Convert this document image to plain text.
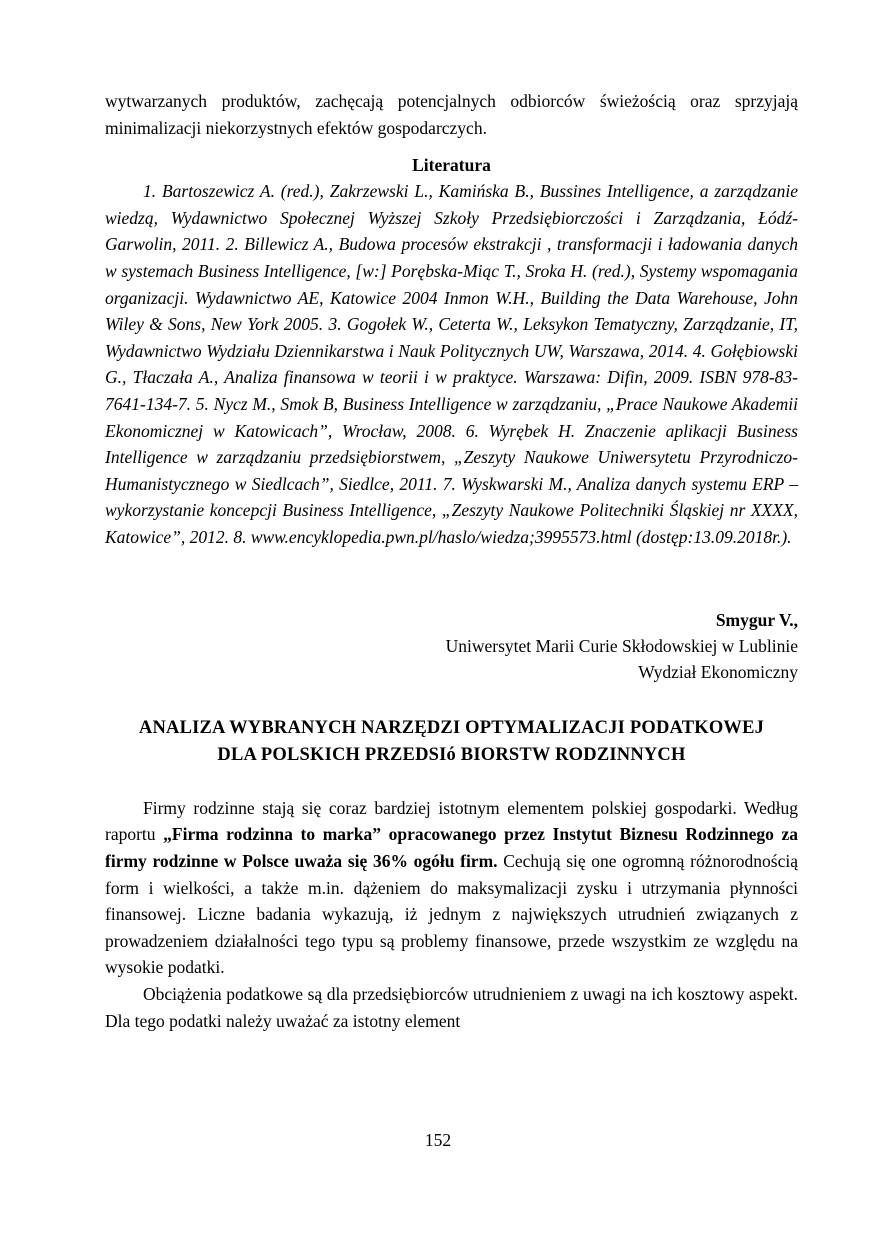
wytwarzanych produktów, zachęcają potencjalnych odbiorców świeżością oraz sprzyjają minimalizacji niekorzystnych efektów gospodarczych.

Literatura

1. Bartoszewicz A. (red.), Zakrzewski L., Kamińska B., Bussines Intelligence, a zarządzanie wiedzą, Wydawnictwo Społecznej Wyższej Szkoły Przedsiębiorczości i Zarządzania, Łódź- Garwolin, 2011. 2. Billewicz A., Budowa procesów ekstrakcji , transformacji i ładowania danych w systemach Business Intelligence, [w:] Porębska-Miąc T., Sroka H. (red.), Systemy wspomagania organizacji. Wydawnictwo AE, Katowice 2004 Inmon W.H., Building the Data Warehouse, John Wiley & Sons, New York 2005. 3. Gogołek W., Ceterta W., Leksykon Tematyczny, Zarządzanie, IT, Wydawnictwo Wydziału Dziennikarstwa i Nauk Politycznych UW, Warszawa, 2014. 4. Gołębiowski G., Tłaczała A., Analiza finansowa w teorii i w praktyce. Warszawa: Difin, 2009. ISBN 978-83-7641-134-7. 5. Nycz M., Smok B, Business Intelligence w zarządzaniu, „Prace Naukowe Akademii Ekonomicznej w Katowicach”, Wrocław, 2008. 6. Wyrębek H. Znaczenie aplikacji Business Intelligence w zarządzaniu przedsiębiorstwem, „Zeszyty Naukowe Uniwersytetu Przyrodniczo-Humanistycznego w Siedlcach”, Siedlce, 2011. 7. Wyskwarski M., Analiza danych systemu ERP – wykorzystanie koncepcji Business Intelligence, „Zeszyty Naukowe Politechniki Śląskiej nr XXXX, Katowice”, 2012. 8. www.encyklopedia.pwn.pl/haslo/wiedza;3995573.html (dostęp:13.09.2018r.).

Smygur V.,
Uniwersytet Marii Curie Skłodowskiej w Lublinie
Wydział Ekonomiczny
ANALIZA WYBRANYCH NARZĘDZI OPTYMALIZACJI PODATKOWEJ
DLA POLSKICH PRZEDSIó BIORSTW RODZINNYCH

Firmy rodzinne stają się coraz bardziej istotnym elementem polskiej gospodarki. Według raportu „Firma rodzinna to marka” opracowanego przez Instytut Biznesu Rodzinnego za firmy rodzinne w Polsce uważa się 36% ogółu firm. Cechują się one ogromną różnorodnością form i wielkości, a także m.in. dążeniem do maksymalizacji zysku i utrzymania płynności finansowej. Liczne badania wykazują, iż jednym z największych utrudnień związanych z prowadzeniem działalności tego typu są problemy finansowe, przede wszystkim ze względu na wysokie podatki.

Obciążenia podatkowe są dla przedsiębiorców utrudnieniem z uwagi na ich kosztowy aspekt. Dla tego podatki należy uważać za istotny element

152
